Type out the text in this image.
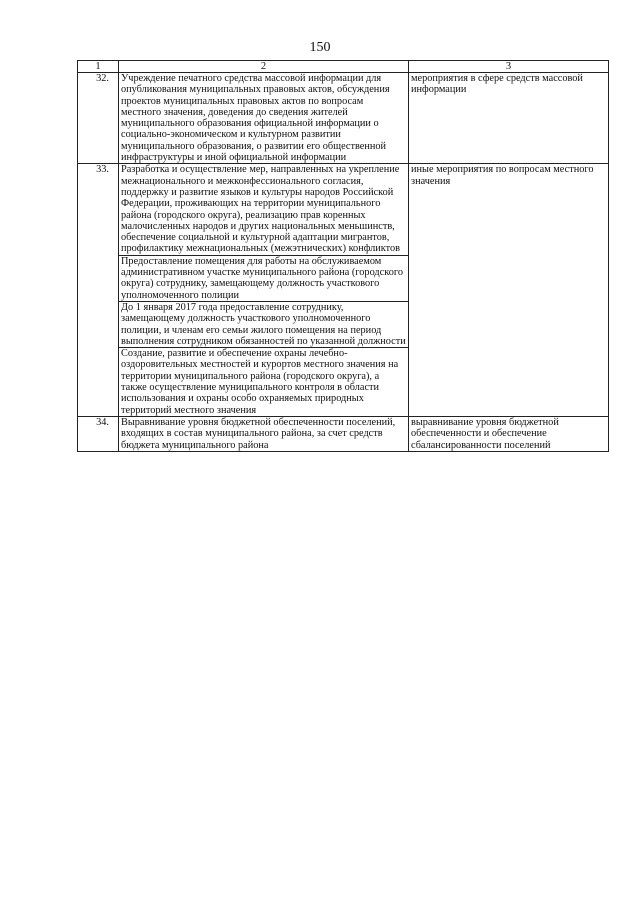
150
1	2	3
32.	Учреждение печатного средства массовой информации для опубликования муниципальных правовых актов, обсуждения проектов муниципальных правовых актов по вопросам местного значения, доведения до сведения жителей муниципального образования официальной информации о социально-экономическом и культурном развитии муниципального образования, о развитии его общественной инфраструктуры и иной официальной информации	мероприятия в сфере средств массовой информации
33.	Разработка и осуществление мер, направленных на укрепление межнационального и межконфессионального согласия, поддержку и развитие языков и культуры народов Российской Федерации, проживающих на территории муниципального района (городского округа), реализацию прав коренных малочисленных народов и других национальных меньшинств, обеспечение социальной и культурной адаптации мигрантов, профилактику межнациональных (межэтнических) конфликтов	иные мероприятия по вопросам местного значения
	Предоставление помещения для работы на обслуживаемом административном участке муниципального района (городского округа) сотруднику, замещающему должность участкового уполномоченного полиции	
	До 1 января 2017 года предоставление сотруднику, замещающему должность участкового уполномоченного полиции, и членам его семьи жилого помещения на период выполнения сотрудником обязанностей по указанной должности	
	Создание, развитие и обеспечение охраны лечебно-оздоровительных местностей и курортов местного значения на территории муниципального района (городского округа), а также осуществление муниципального контроля в области использования и охраны особо охраняемых природных территорий местного значения	
34.	Выравнивание уровня бюджетной обеспеченности поселений, входящих в состав муниципального района, за счет средств бюджета муниципального района	выравнивание уровня бюджетной обеспеченности и обеспечение сбалансированности поселений
